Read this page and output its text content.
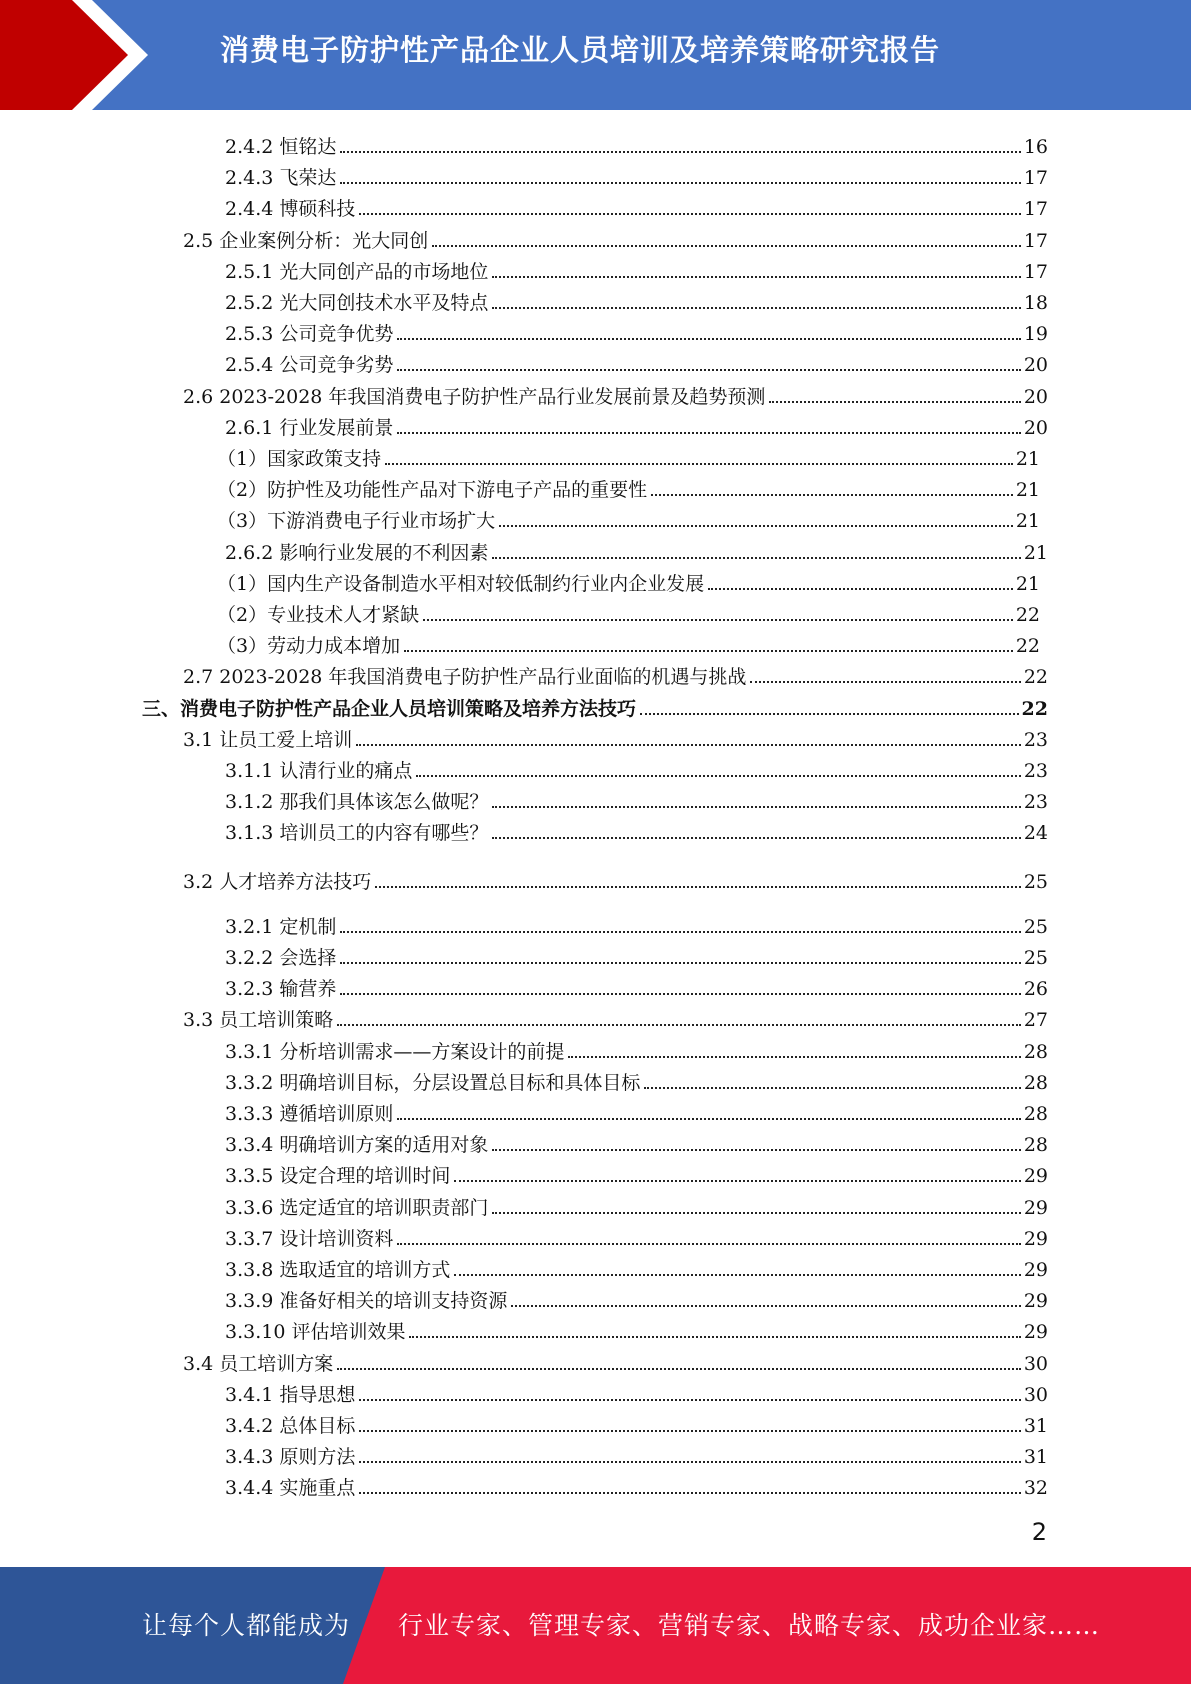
消费电子防护性产品企业人员培训及培养策略研究报告
2.4.2 恒铭达	16
2.4.3 飞荣达	17
2.4.4 博硕科技	17
2.5 企业案例分析：光大同创	17
2.5.1 光大同创产品的市场地位	17
2.5.2 光大同创技术水平及特点	18
2.5.3 公司竞争优势	19
2.5.4 公司竞争劣势	20
2.6 2023-2028 年我国消费电子防护性产品行业发展前景及趋势预测	20
2.6.1 行业发展前景	20
（1）国家政策支持	21
（2）防护性及功能性产品对下游电子产品的重要性	21
（3）下游消费电子行业市场扩大	21
2.6.2 影响行业发展的不利因素	21
（1）国内生产设备制造水平相对较低制约行业内企业发展	21
（2）专业技术人才紧缺	22
（3）劳动力成本增加	22
2.7 2023-2028 年我国消费电子防护性产品行业面临的机遇与挑战	22
三、消费电子防护性产品企业人员培训策略及培养方法技巧	22
3.1 让员工爱上培训	23
3.1.1 认清行业的痛点	23
3.1.2 那我们具体该怎么做呢？	23
3.1.3 培训员工的内容有哪些？	24
3.2 人才培养方法技巧	25
3.2.1 定机制	25
3.2.2 会选择	25
3.2.3 输营养	26
3.3 员工培训策略	27
3.3.1 分析培训需求——方案设计的前提	28
3.3.2 明确培训目标，分层设置总目标和具体目标	28
3.3.3 遵循培训原则	28
3.3.4 明确培训方案的适用对象	28
3.3.5 设定合理的培训时间	29
3.3.6 选定适宜的培训职责部门	29
3.3.7 设计培训资料	29
3.3.8 选取适宜的培训方式	29
3.3.9 准备好相关的培训支持资源	29
3.3.10 评估培训效果	29
3.4 员工培训方案	30
3.4.1 指导思想	30
3.4.2 总体目标	31
3.4.3 原则方法	31
3.4.4 实施重点	32
2
让每个人都能成为 行业专家、管理专家、营销专家、战略专家、成功企业家……
